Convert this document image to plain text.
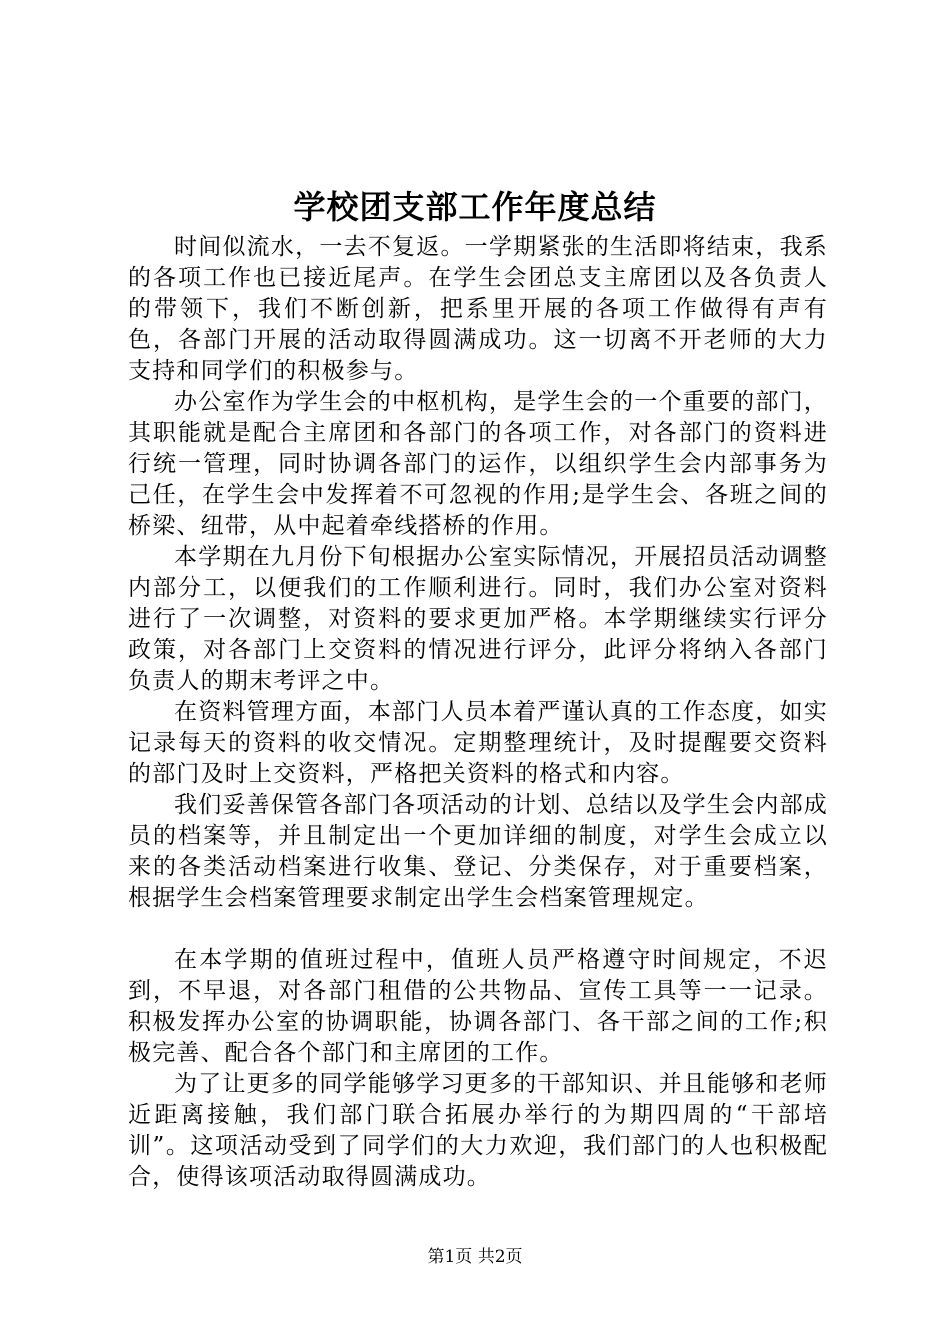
学校团支部工作年度总结

时间似流水，一去不复返。一学期紧张的生活即将结束，我系的各项工作也已接近尾声。在学生会团总支主席团以及各负责人的带领下，我们不断创新，把系里开展的各项工作做得有声有色，各部门开展的活动取得圆满成功。这一切离不开老师的大力支持和同学们的积极参与。

办公室作为学生会的中枢机构，是学生会的一个重要的部门，其职能就是配合主席团和各部门的各项工作，对各部门的资料进行统一管理，同时协调各部门的运作，以组织学生会内部事务为己任，在学生会中发挥着不可忽视的作用;是学生会、各班之间的桥梁、纽带，从中起着牵线搭桥的作用。

本学期在九月份下旬根据办公室实际情况，开展招员活动调整内部分工，以便我们的工作顺利进行。同时，我们办公室对资料进行了一次调整，对资料的要求更加严格。本学期继续实行评分政策，对各部门上交资料的情况进行评分，此评分将纳入各部门负责人的期末考评之中。

在资料管理方面，本部门人员本着严谨认真的工作态度，如实记录每天的资料的收交情况。定期整理统计，及时提醒要交资料的部门及时上交资料，严格把关资料的格式和内容。

我们妥善保管各部门各项活动的计划、总结以及学生会内部成员的档案等，并且制定出一个更加详细的制度，对学生会成立以来的各类活动档案进行收集、登记、分类保存，对于重要档案，根据学生会档案管理要求制定出学生会档案管理规定。

在本学期的值班过程中，值班人员严格遵守时间规定，不迟到，不早退，对各部门租借的公共物品、宣传工具等一一记录。积极发挥办公室的协调职能，协调各部门、各干部之间的工作;积极完善、配合各个部门和主席团的工作。

为了让更多的同学能够学习更多的干部知识、并且能够和老师近距离接触，我们部门联合拓展办举行的为期四周的“干部培训”。这项活动受到了同学们的大力欢迎，我们部门的人也积极配合，使得该项活动取得圆满成功。

第1页 共2页
